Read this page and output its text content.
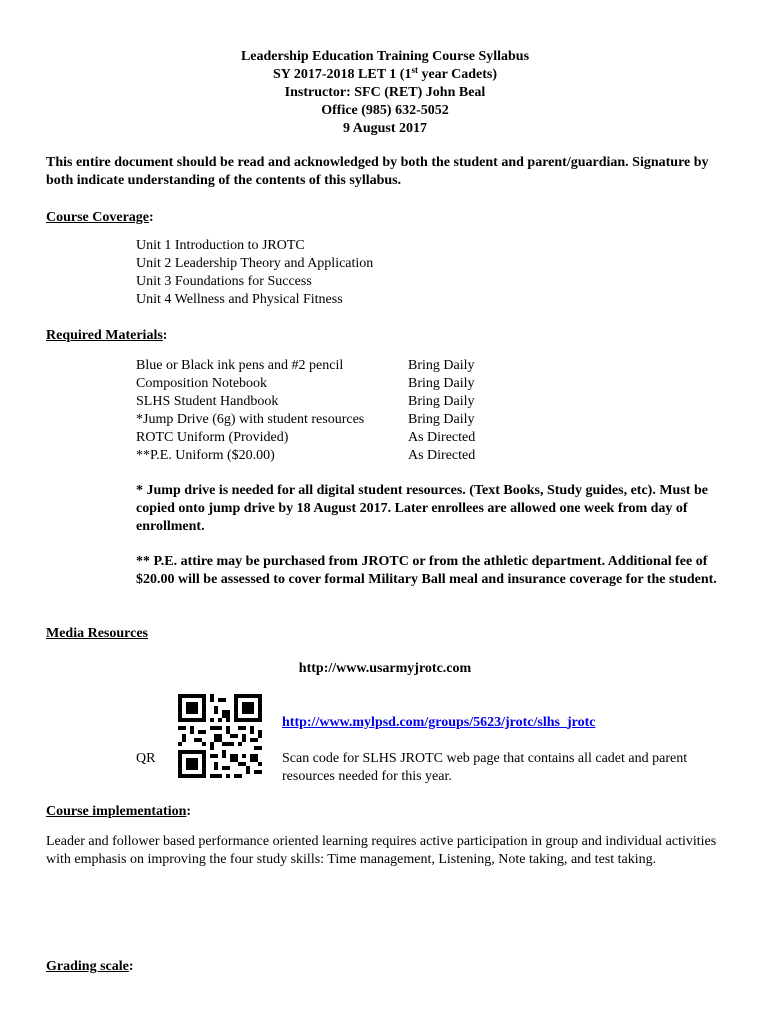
Leadership Education Training Course Syllabus
SY 2017-2018 LET 1 (1st year Cadets)
Instructor: SFC (RET) John Beal
Office (985) 632-5052
9 August 2017
This entire document should be read and acknowledged by both the student and parent/guardian. Signature by both indicate understanding of the contents of this syllabus.
Course Coverage:
Unit 1 Introduction to JROTC
Unit 2 Leadership Theory and Application
Unit 3 Foundations for Success
Unit 4 Wellness and Physical Fitness
Required Materials:
Blue or Black ink pens and #2 pencil	Bring Daily
Composition Notebook	Bring Daily
SLHS Student Handbook	Bring Daily
*Jump Drive (6g) with student resources	Bring Daily
ROTC Uniform (Provided)	As Directed
**P.E. Uniform ($20.00)	As Directed
* Jump drive is needed for all digital student resources. (Text Books, Study guides, etc). Must be copied onto jump drive by 18 August 2017. Later enrollees are allowed one week from day of enrollment.
** P.E. attire may be purchased from JROTC or from the athletic department. Additional fee of $20.00 will be assessed to cover formal Military Ball meal and insurance coverage for the student.
Media Resources
http://www.usarmyjrotc.com
QR
http://www.mylpsd.com/groups/5623/jrotc/slhs_jrotc
Scan code for SLHS JROTC web page that contains all cadet and parent resources needed for this year.
Course implementation:
Leader and follower based performance oriented learning requires active participation in group and individual activities with emphasis on improving the four study skills: Time management, Listening, Note taking, and test taking.
Grading scale:
